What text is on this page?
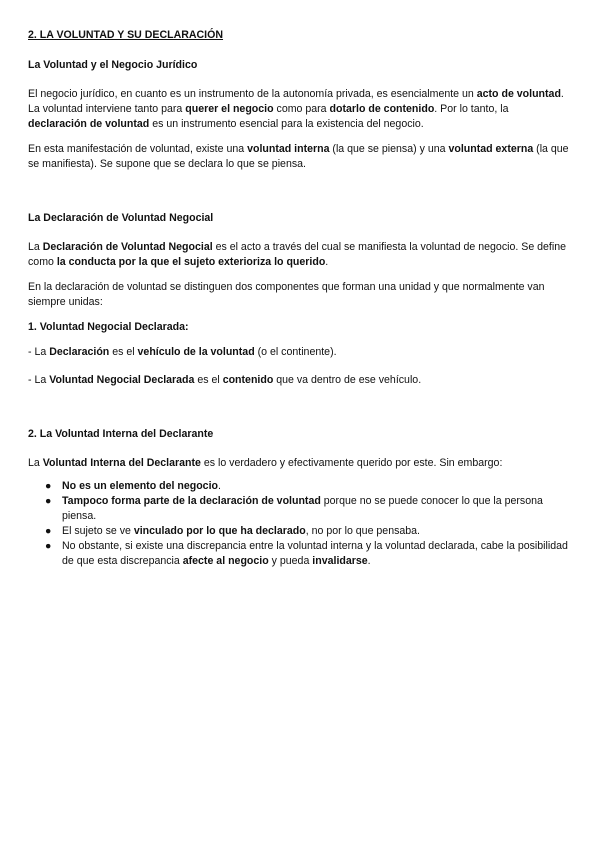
2. LA VOLUNTAD Y SU DECLARACIÓN
La Voluntad y el Negocio Jurídico

El negocio jurídico, en cuanto es un instrumento de la autonomía privada, es esencialmente un acto de voluntad. La voluntad interviene tanto para querer el negocio como para dotarlo de contenido. Por lo tanto, la declaración de voluntad es un instrumento esencial para la existencia del negocio.

En esta manifestación de voluntad, existe una voluntad interna (la que se piensa) y una voluntad externa (la que se manifiesta). Se supone que se declara lo que se piensa.

La Declaración de Voluntad Negocial

La Declaración de Voluntad Negocial es el acto a través del cual se manifiesta la voluntad de negocio. Se define como la conducta por la que el sujeto exterioriza lo querido.

En la declaración de voluntad se distinguen dos componentes que forman una unidad y que normalmente van siempre unidas:

1. Voluntad Negocial Declarada:

- La Declaración es el vehículo de la voluntad (o el continente).

- La Voluntad Negocial Declarada es el contenido que va dentro de ese vehículo.

2. La Voluntad Interna del Declarante

La Voluntad Interna del Declarante es lo verdadero y efectivamente querido por este. Sin embargo:

● No es un elemento del negocio.
● Tampoco forma parte de la declaración de voluntad porque no se puede conocer lo que la persona piensa.
● El sujeto se ve vinculado por lo que ha declarado, no por lo que pensaba.
● No obstante, si existe una discrepancia entre la voluntad interna y la voluntad declarada, cabe la posibilidad de que esta discrepancia afecte al negocio y pueda invalidarse.
